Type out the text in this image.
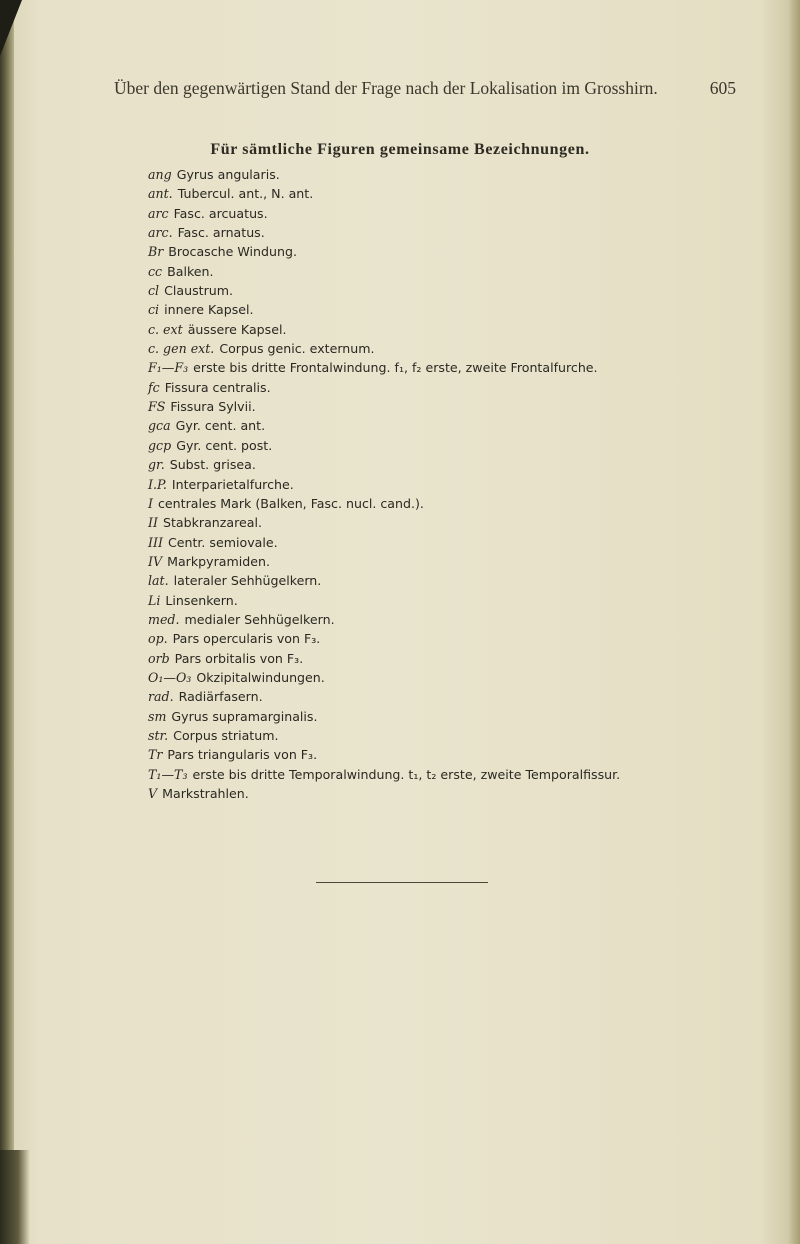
Über den gegenwärtigen Stand der Frage nach der Lokalisation im Grosshirn.	605
Für sämtliche Figuren gemeinsame Bezeichnungen.
ang Gyrus angularis.
ant. Tubercul. ant., N. ant.
arc Fasc. arcuatus.
arc. Fasc. arnatus.
Br Brocasche Windung.
cc Balken.
cl Claustrum.
ci innere Kapsel.
c. ext äussere Kapsel.
c. gen ext. Corpus genic. externum.
F₁—F₃ erste bis dritte Frontalwindung. f₁, f₂ erste, zweite Frontalfurche.
fc Fissura centralis.
FS Fissura Sylvii.
gca Gyr. cent. ant.
gcp Gyr. cent. post.
gr. Subst. grisea.
I.P. Interparietalfurche.
I centrales Mark (Balken, Fasc. nucl. cand.).
II Stabkranzareal.
III Centr. semiovale.
IV Markpyramiden.
lat. lateraler Sehhügelkern.
Li Linsenkern.
med. medialer Sehhügelkern.
op. Pars opercularis von F₃.
orb Pars orbitalis von F₃.
O₁—O₃ Okzipitalwindungen.
rad. Radiärfasern.
sm Gyrus supramarginalis.
str. Corpus striatum.
Tr Pars triangularis von F₃.
T₁—T₃ erste bis dritte Temporalwindung. t₁, t₂ erste, zweite Temporalfissur.
V Markstrahlen.
